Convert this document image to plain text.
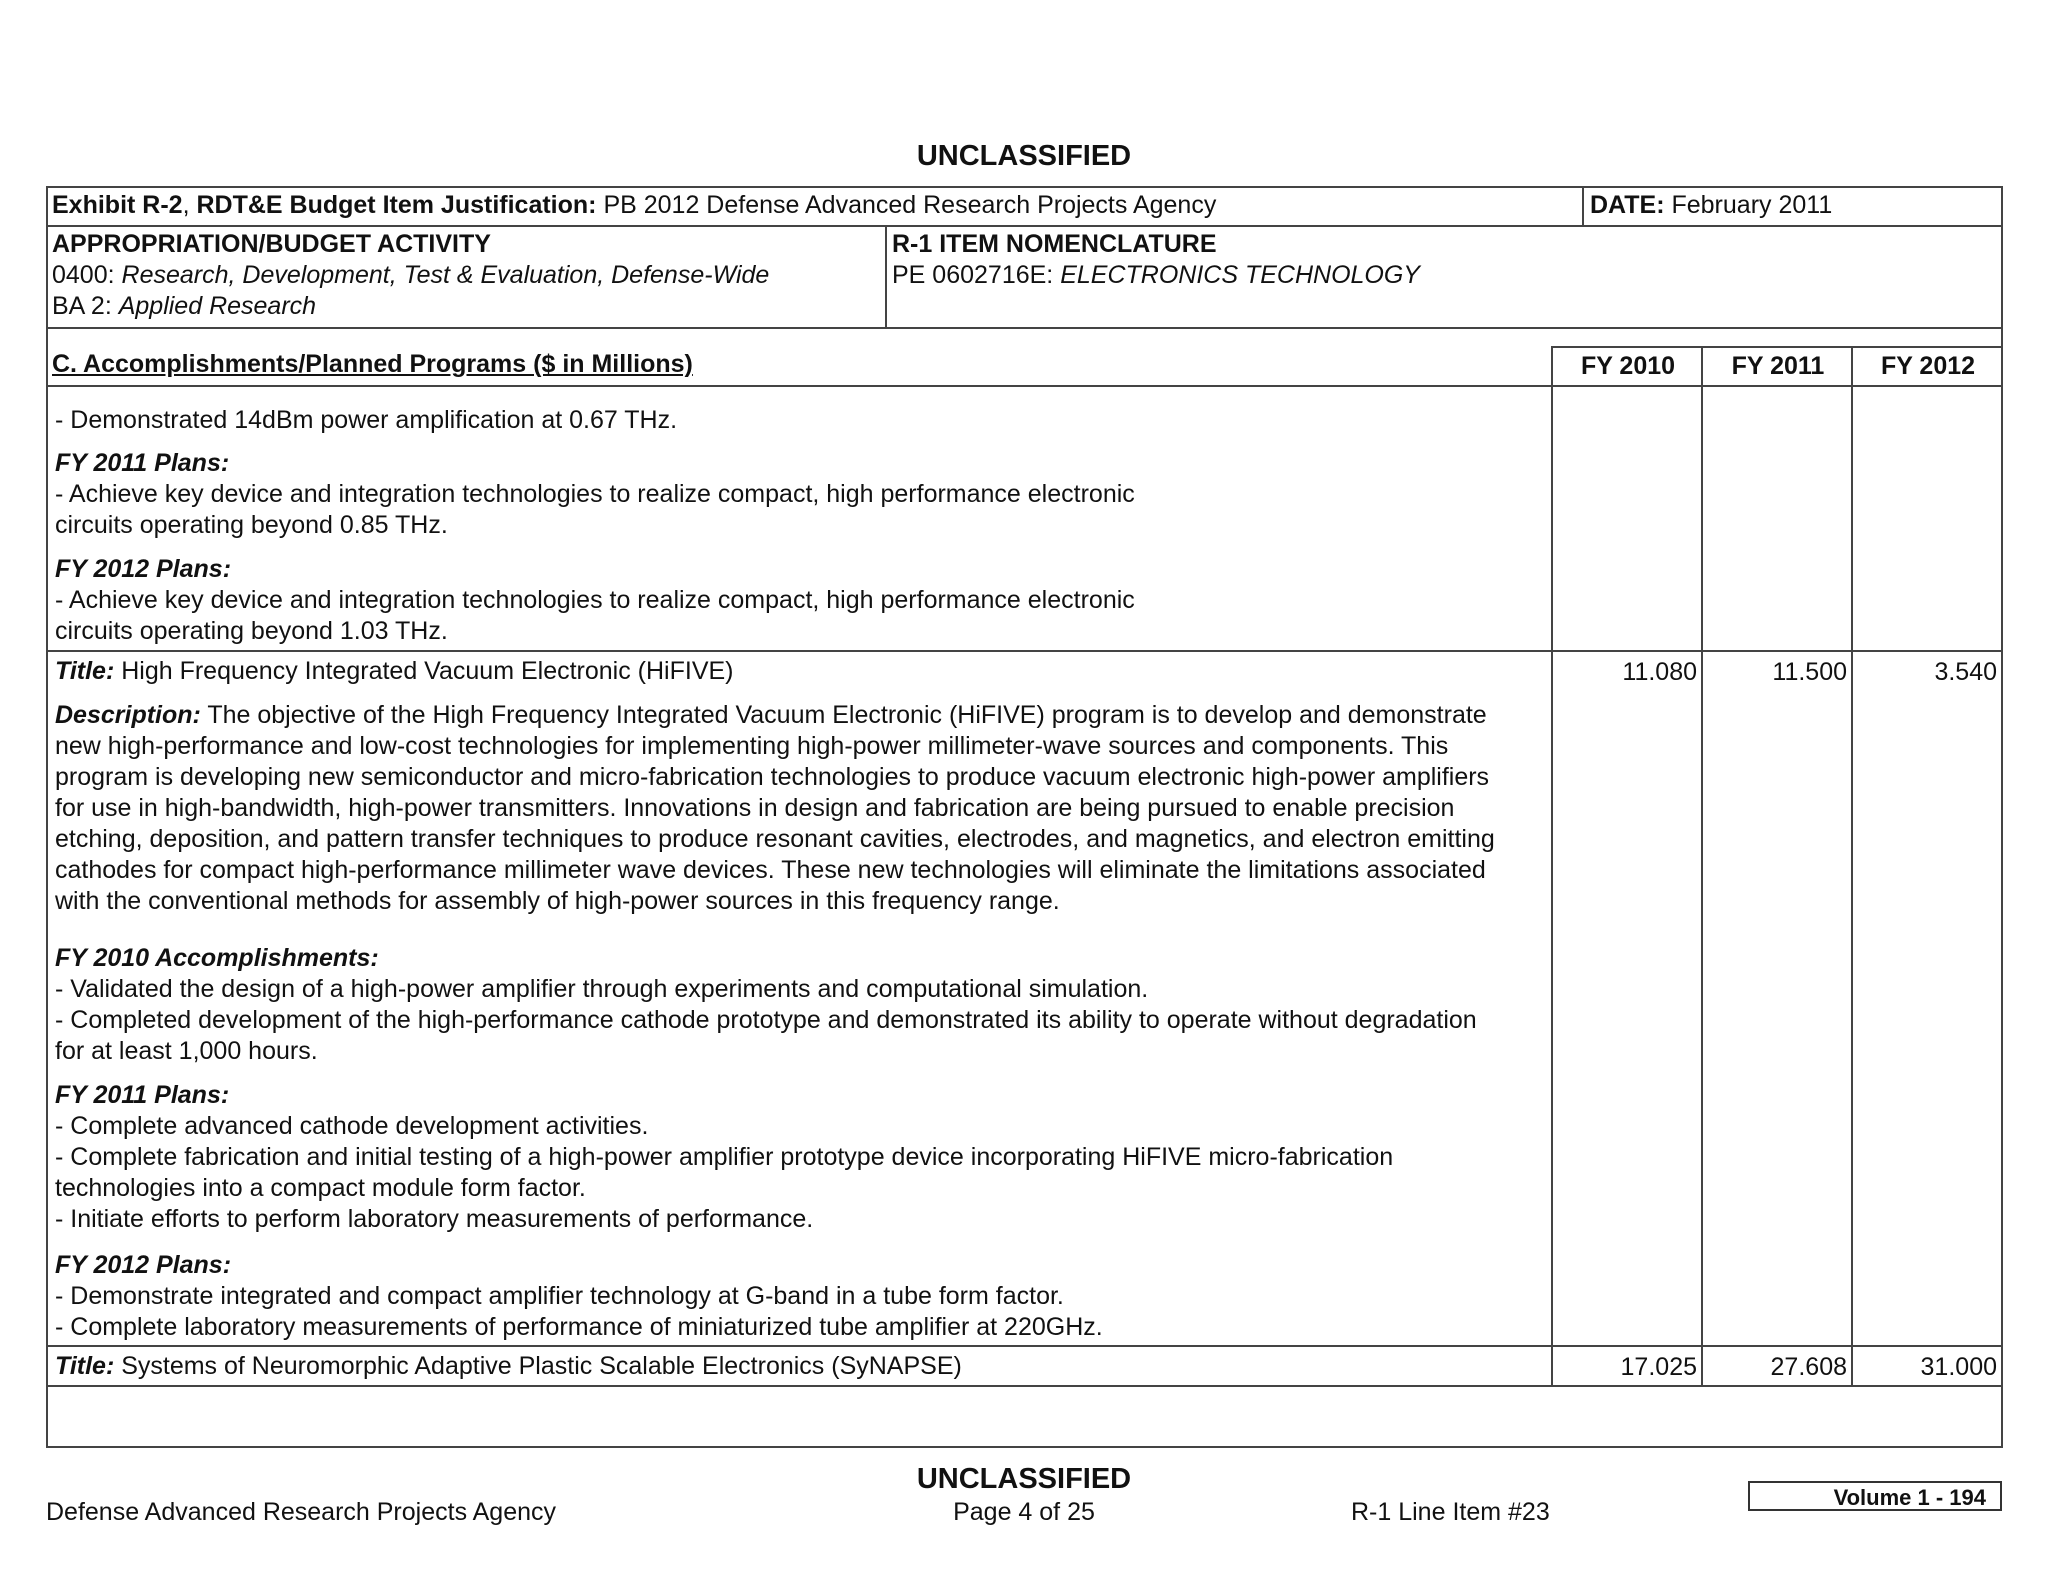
UNCLASSIFIED
Exhibit R-2, RDT&E Budget Item Justification: PB 2012 Defense Advanced Research Projects Agency	DATE: February 2011
APPROPRIATION/BUDGET ACTIVITY
0400: Research, Development, Test & Evaluation, Defense-Wide
BA 2: Applied Research
R-1 ITEM NOMENCLATURE
PE 0602716E: ELECTRONICS TECHNOLOGY
C. Accomplishments/Planned Programs ($ in Millions)	FY 2010	FY 2011	FY 2012
- Demonstrated 14dBm power amplification at 0.67 THz.
FY 2011 Plans:
- Achieve key device and integration technologies to realize compact, high performance electronic
circuits operating beyond 0.85 THz.
FY 2012 Plans:
- Achieve key device and integration technologies to realize compact, high performance electronic
circuits operating beyond 1.03 THz.
Title: High Frequency Integrated Vacuum Electronic (HiFIVE)	11.080	11.500	3.540
Description: The objective of the High Frequency Integrated Vacuum Electronic (HiFIVE) program is to develop and demonstrate
new high-performance and low-cost technologies for implementing high-power millimeter-wave sources and components. This
program is developing new semiconductor and micro-fabrication technologies to produce vacuum electronic high-power amplifiers
for use in high-bandwidth, high-power transmitters. Innovations in design and fabrication are being pursued to enable precision
etching, deposition, and pattern transfer techniques to produce resonant cavities, electrodes, and magnetics, and electron emitting
cathodes for compact high-performance millimeter wave devices. These new technologies will eliminate the limitations associated
with the conventional methods for assembly of high-power sources in this frequency range.
FY 2010 Accomplishments:
- Validated the design of a high-power amplifier through experiments and computational simulation.
- Completed development of the high-performance cathode prototype and demonstrated its ability to operate without degradation
for at least 1,000 hours.
FY 2011 Plans:
- Complete advanced cathode development activities.
- Complete fabrication and initial testing of a high-power amplifier prototype device incorporating HiFIVE micro-fabrication
technologies into a compact module form factor.
- Initiate efforts to perform laboratory measurements of performance.
FY 2012 Plans:
- Demonstrate integrated and compact amplifier technology at G-band in a tube form factor.
- Complete laboratory measurements of performance of miniaturized tube amplifier at 220GHz.
Title: Systems of Neuromorphic Adaptive Plastic Scalable Electronics (SyNAPSE)	17.025	27.608	31.000
UNCLASSIFIED
Defense Advanced Research Projects Agency	Page 4 of 25	R-1 Line Item #23
Volume 1 - 194
